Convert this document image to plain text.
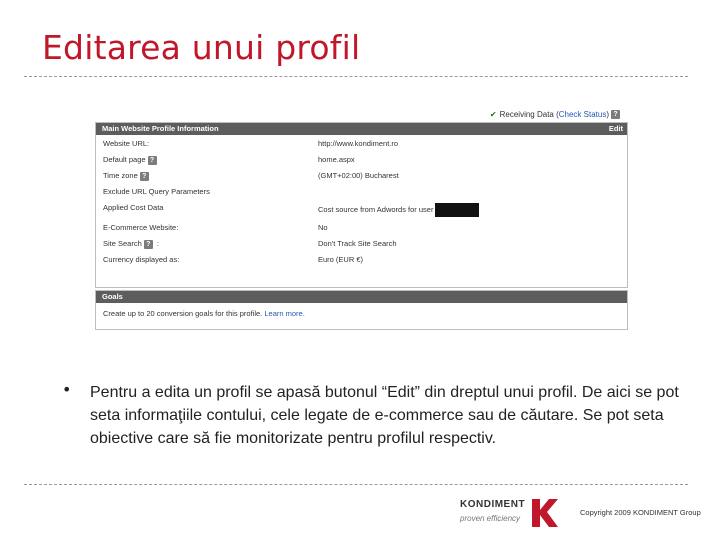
Editarea unui profil
✔ Receiving Data (Check Status) ?
Main Website Profile Information	Edit
Website URL:	http://www.kondiment.ro
Default page ?	home.aspx
Time zone ?	(GMT+02:00) Bucharest
Exclude URL Query Parameters
Applied Cost Data	Cost source from Adwords for user
E-Commerce Website:	No
Site Search ? :	Don't Track Site Search
Currency displayed as:	Euro (EUR €)
Goals
Create up to 20 conversion goals for this profile. Learn more.
• Pentru a edita un profil se apasă butonul “Edit” din dreptul unui profil. De aici se pot seta informaţiile contului, cele legate de e-commerce sau de căutare. Se pot seta obiective care să fie monitorizate pentru profilul respectiv.
KONDIMENT
proven efficiency
Copyright 2009 KONDIMENT Group
